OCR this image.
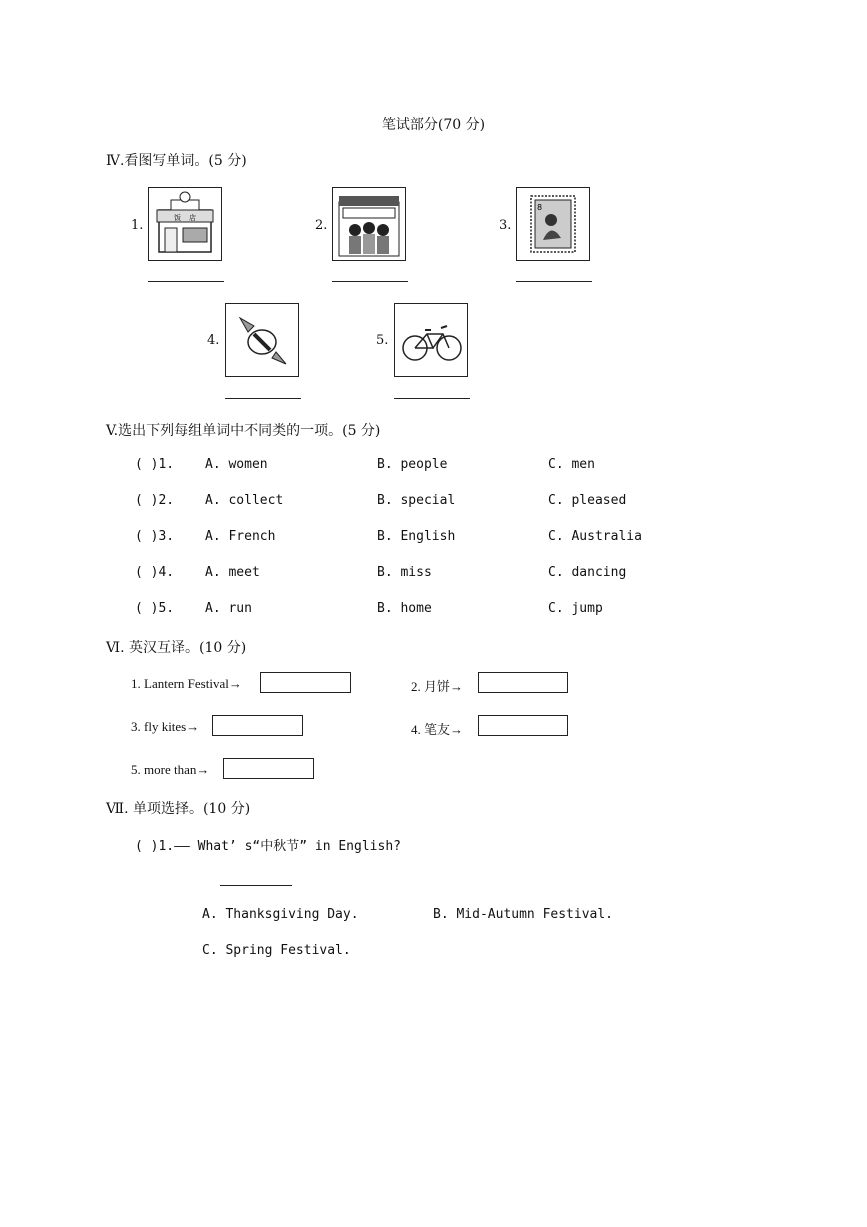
笔试部分(70 分)
Ⅳ.看图写单词。(5 分)
1.	饭 店	2.	3.
8
4.	5.
V.选出下列每组单词中不同类的一项。(5 分)
( )1. A. women	B. people	C. men
( )2. A. collect	B. special	C. pleased
( )3. A. French	B. English	C. Australia
( )4. A. meet	B. miss	C. dancing
( )5. A. run	B. home	C. jump
Ⅵ. 英汉互译。(10 分)
1. Lantern Festival→	2. 月饼→
3. fly kites→	4. 笔友→
5. more than→
Ⅶ. 单项选择。(10 分)
( )1.—— What’ s“中秋节” in English?
A. Thanksgiving Day.	B. Mid-Autumn Festival.
C. Spring Festival.
